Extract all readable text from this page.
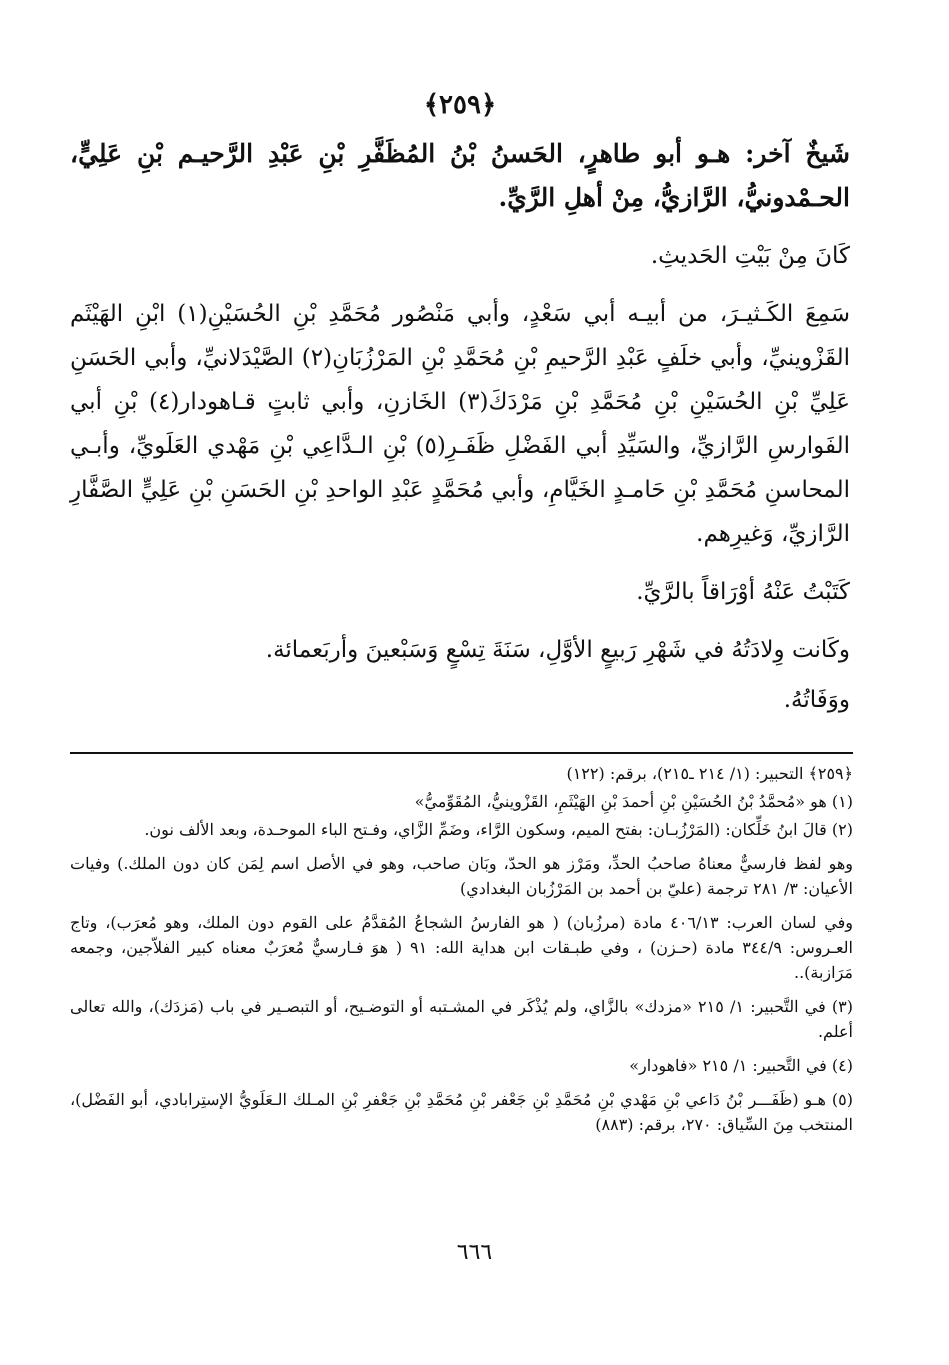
﴿٢٥٩﴾

شَيخٌ آخر: هـو أبو طاهرٍ، الحَسنُ بْنُ المُظَفَّرِ بْنِ عَبْدِ الرَّحيـم بْنِ عَلِيٍّ، الحـمْدونيُّ، الرَّازيُّ، مِنْ أهلِ الرَّيِّ.

كَانَ مِنْ بَيْتِ الحَديثِ.

سَمِعَ الكَـثيـرَ، من أبيـه أبي سَعْدٍ، وأبي مَنْصُور مُحَمَّدِ بْنِ الحُسَيْنِ(١) ابْنِ الهَيْثَم القَزْوينيِّ، وأبي خلَفٍ عَبْدِ الرَّحيمِ بْنِ مُحَمَّدِ بْنِ المَرْزُبَانِ(٢) الصَّيْدَلانيِّ، وأبي الحَسَنِ عَلِيِّ بْنِ الحُسَيْنِ بْنِ مُحَمَّدِ بْنِ مَرْدَكَ(٣) الخَازنِ، وأبي ثابتٍ قـاهودار(٤) بْنِ أبي الفَوارسِ الرَّازيِّ، والسَيِّدِ أبي الفَضْلِ ظَفَـرِ(٥) بْنِ الـدَّاعِي بْنِ مَهْدي العَلَويِّ، وأبـي المحاسنِ مُحَمَّدِ بْنِ حَامـدٍ الخَيَّامِ، وأبي مُحَمَّدٍ عَبْدِ الواحدِ بْنِ الحَسَنِ بْنِ عَلِيٍّ الصَّفَّارِ الرَّازيِّ، وَغيرِهم.

كَتَبْتُ عَنْهُ أوْرَاقاً بالرَّيِّ.

وكَانت وِلادَتُهُ في شَهْرِ رَبيعٍ الأوَّلِ، سَنَةَ تِسْعٍ وَسَبْعينَ وأربَعمائة.

ووَفَاتُهُ.

﴿٢٥٩﴾ التحبير: (١/ ٢١٤ ـ٢١٥)، برقم: (١٢٢)

(١) هو «مُحمَّدُ بْنُ الحُسَيْنِ بْنِ أحمدَ بْنِ الهَيْثَمِ، القَزْوينيُّ، المُقَوِّميُّ»

(٢) قالَ ابنُ خَلِّكان: (المَرْزُبـان: بفتح الميم، وسكون الرَّاء، وضَمِّ الزَّاي، وفـتح الباء الموحـدة، وبعد الألف نون.

وهو لفظ فارسيٌّ معناهُ صاحبُ الحدِّ، ومَرْز هو الحدّ، وبَان صاحب، وهو في الأصل اسم لِمَن كان دون الملك.) وفيات الأعيان: ٣/ ٢٨١ ترجمة (عليّ بن أحمد بن المَرْزُبان البغدادي)

وفي لسان العرب: ٤٠٦/١٣ مادة (مرزُبان) ( هو الفارسُ الشجاعُ المُقدَّمُ على القوم دون الملك، وهو مُعرَب)، وتاج العـروس: ٣٤٤/٩ مادة (حـزن) ، وفي طبـقات ابن هداية الله: ٩١ ( هوَ فـارسيٌّ مُعرَبٌ معناه كبير الفلاّجين، وجمعه مَرَازبة)..

(٣) في التَّحبير: ١/ ٢١٥ «مزدك» بالزَّاي، ولم يُذْكَر في المشـتبه أو التوضـيح، أو التبصـير في باب (مَزدَك)، والله تعالى أعلم.

(٤) في التَّحبير: ١/ ٢١٥ «فاهودار»

(٥) هـو (ظَفَـــر بْنُ دَاعي بْنِ مَهْدي بْنِ مُحَمَّدِ بْنِ جَعْفر بْنِ مُحَمَّدِ بْنِ جَعْفرِ بْنِ المـلك الـعَلَويُّ الإستِرابادي، أبو الفَضْل)، المنتخب مِنَ السِّياق: ٢٧٠، برقم: (٨٨٣)

٦٦٦
